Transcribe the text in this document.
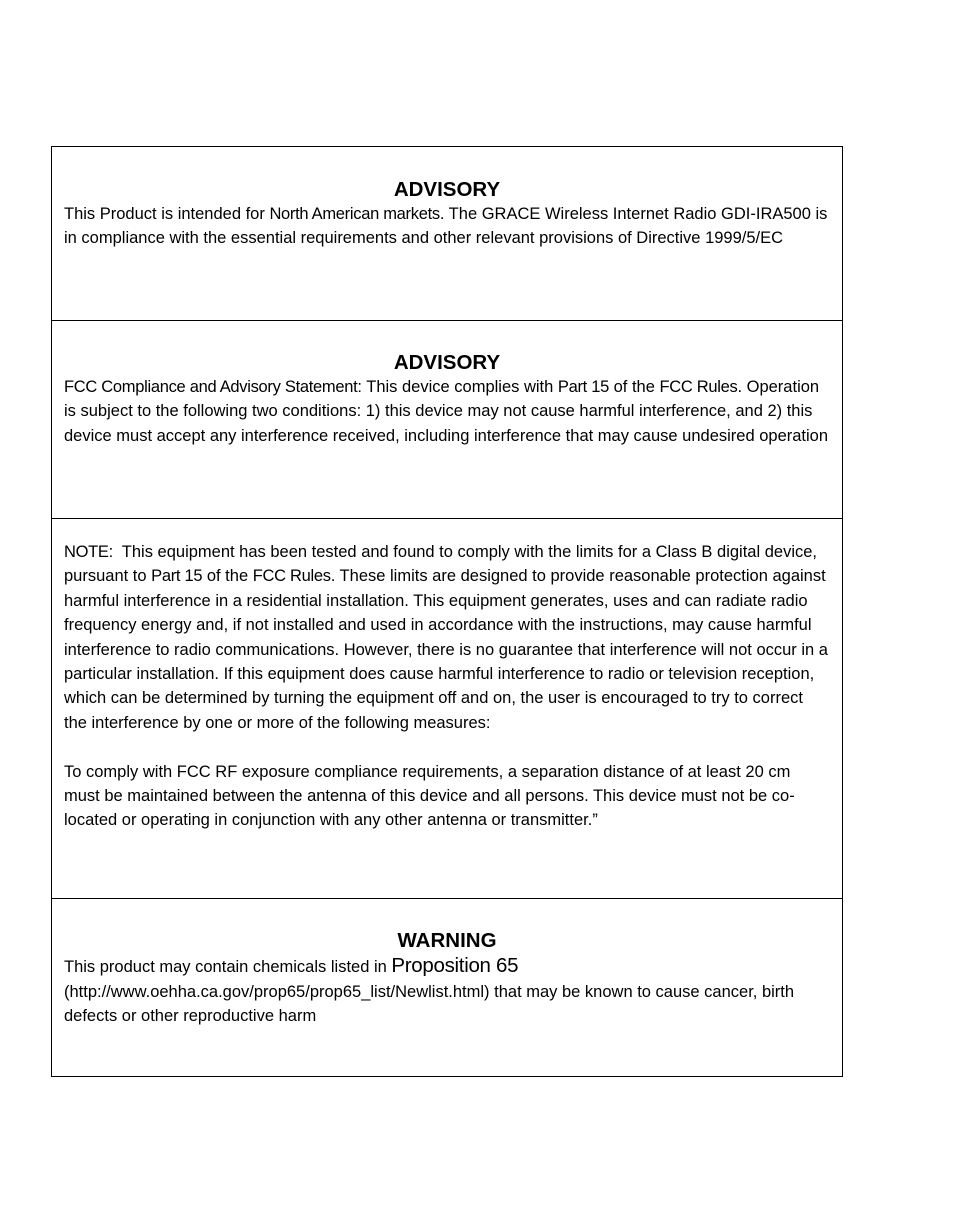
ADVISORY

This Product is intended for North American markets. The GRACE Wireless Internet Radio GDI-IRA500 is in compliance with the essential requirements and other relevant provisions of Directive 1999/5/EC

ADVISORY

FCC Compliance and Advisory Statement: This device complies with Part 15 of the FCC Rules. Operation is subject to the following two conditions: 1) this device may not cause harmful interference, and 2) this device must accept any interference received, including interference that may cause undesired operation

NOTE:  This equipment has been tested and found to comply with the limits for a Class B digital device, pursuant to Part 15 of the FCC Rules. These limits are designed to provide reasonable protection against harmful interference in a residential installation. This equipment generates, uses and can radiate radio frequency energy and, if not installed and used in accordance with the instructions, may cause harmful interference to radio communications. However, there is no guarantee that interference will not occur in a particular installation. If this equipment does cause harmful interference to radio or television reception, which can be determined by turning the equipment off and on, the user is encouraged to try to correct the interference by one or more of the following measures:

To comply with FCC RF exposure compliance requirements, a separation distance of at least 20 cm must be maintained between the antenna of this device and all persons. This device must not be co-located or operating in conjunction with any other antenna or transmitter.”

WARNING

This product may contain chemicals listed in Proposition 65

(http://www.oehha.ca.gov/prop65/prop65_list/Newlist.html) that may be known to cause cancer, birth defects or other reproductive harm
